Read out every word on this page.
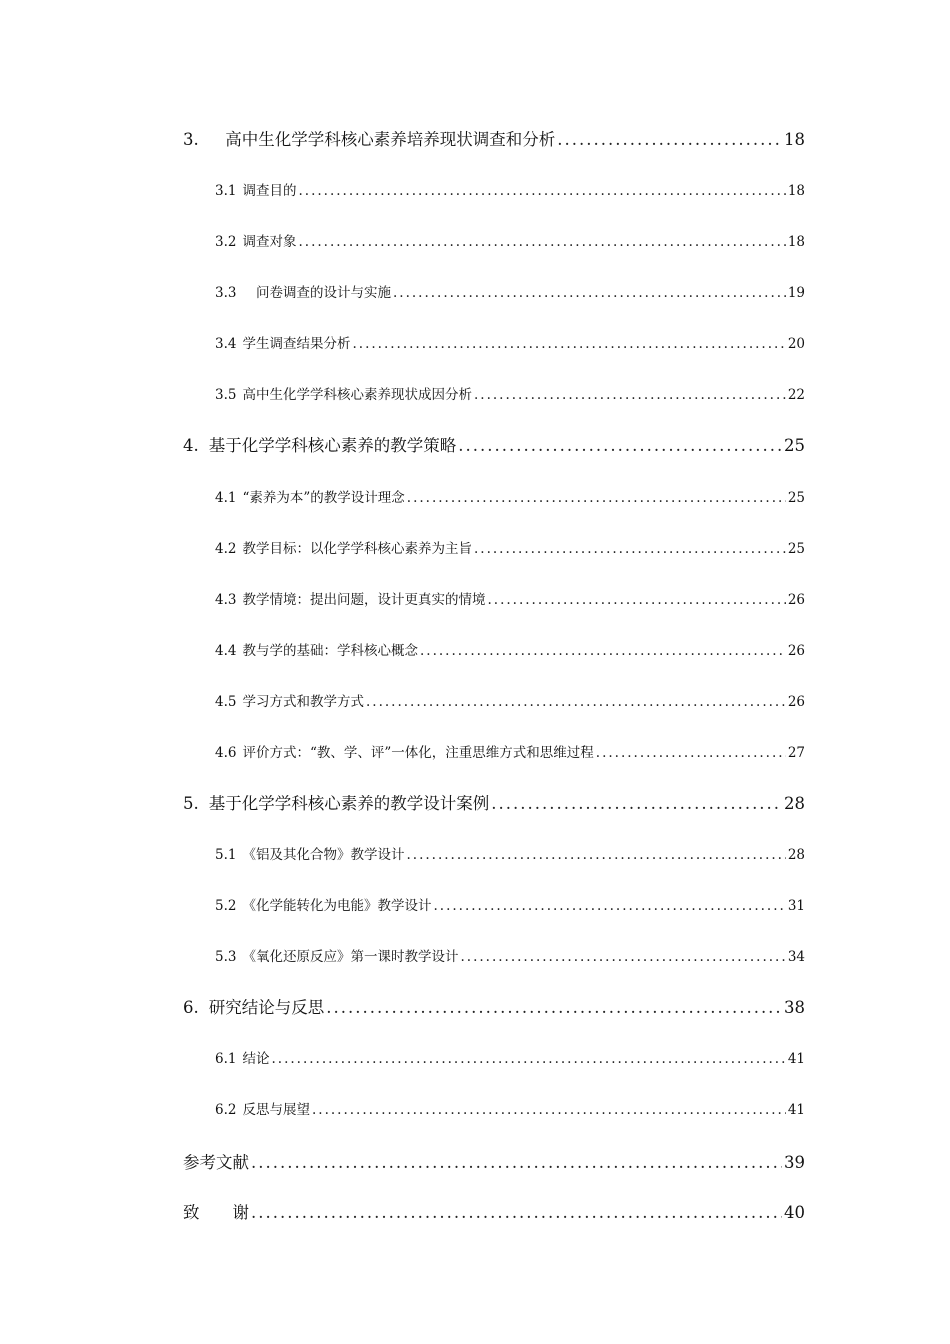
3. 　高中生化学学科核心素养培养现状调查和分析 .....	18
3.1 调查目的 .....	18
3.2 调查对象 .....	18
3.3 　问卷调查的设计与实施 .....	19
3.4 学生调查结果分析 .....	20
3.5 高中生化学学科核心素养现状成因分析 .....	22
4. 基于化学学科核心素养的教学策略 .....	25
4.1 “素养为本”的教学设计理念 .....	25
4.2 教学目标：以化学学科核心素养为主旨 .....	25
4.3 教学情境：提出问题，设计更真实的情境 .....	26
4.4 教与学的基础：学科核心概念 .....	26
4.5 学习方式和教学方式 .....	26
4.6 评价方式：“教、学、评”一体化，注重思维方式和思维过程 .....	27
5. 基于化学学科核心素养的教学设计案例 .....	28
5.1 《铝及其化合物》教学设计 .....	28
5.2 《化学能转化为电能》教学设计 .....	31
5.3 《氧化还原反应》第一课时教学设计 .....	34
6. 研究结论与反思 .....	38
6.1 结论 .....	41
6.2 反思与展望 .....	41
参考文献 .....	39
致　　谢 .....	40
